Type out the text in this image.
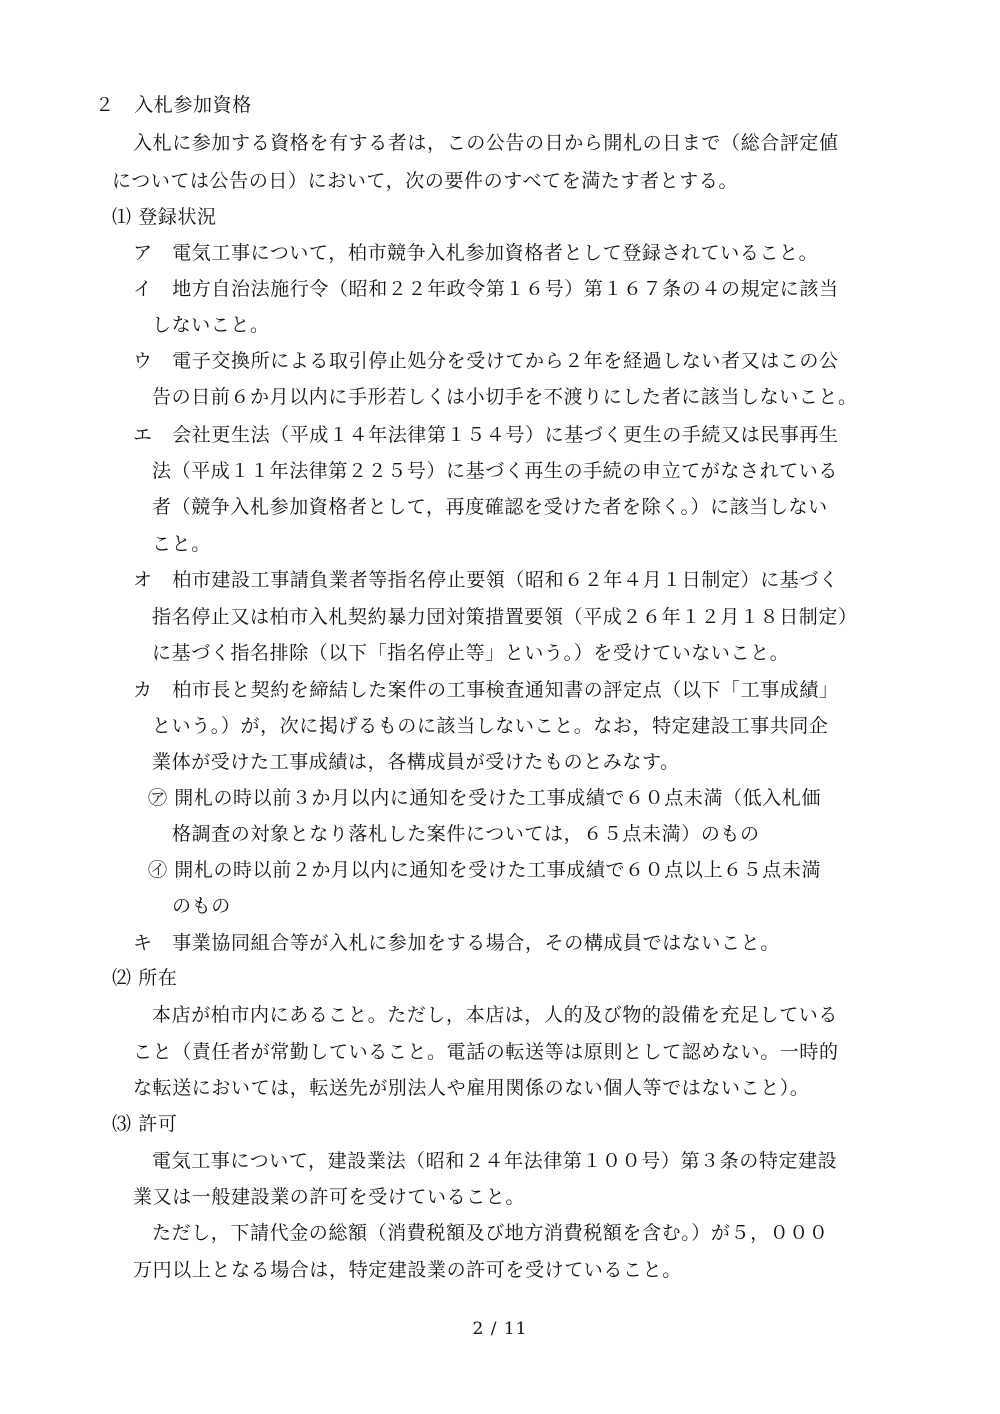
２　入札参加資格
入札に参加する資格を有する者は，この公告の日から開札の日まで（総合評定値
については公告の日）において，次の要件のすべてを満たす者とする。
⑴ 登録状況
ア　電気工事について，柏市競争入札参加資格者として登録されていること。
イ　地方自治法施行令（昭和２２年政令第１６号）第１６７条の４の規定に該当
しないこと。
ウ　電子交換所による取引停止処分を受けてから２年を経過しない者又はこの公
告の日前６か月以内に手形若しくは小切手を不渡りにした者に該当しないこと。
エ　会社更生法（平成１４年法律第１５４号）に基づく更生の手続又は民事再生
法（平成１１年法律第２２５号）に基づく再生の手続の申立てがなされている
者（競争入札参加資格者として，再度確認を受けた者を除く。）に該当しない
こと。
オ　柏市建設工事請負業者等指名停止要領（昭和６２年４月１日制定）に基づく
指名停止又は柏市入札契約暴力団対策措置要領（平成２６年１２月１８日制定）
に基づく指名排除（以下「指名停止等」という。）を受けていないこと。
カ　柏市長と契約を締結した案件の工事検査通知書の評定点（以下「工事成績」
という。）が，次に掲げるものに該当しないこと。なお，特定建設工事共同企
業体が受けた工事成績は，各構成員が受けたものとみなす。
㋐ 開札の時以前３か月以内に通知を受けた工事成績で６０点未満（低入札価
格調査の対象となり落札した案件については，６５点未満）のもの
㋑ 開札の時以前２か月以内に通知を受けた工事成績で６０点以上６５点未満
のもの
キ　事業協同組合等が入札に参加をする場合，その構成員ではないこと。
⑵ 所在
本店が柏市内にあること。ただし，本店は，人的及び物的設備を充足している
こと（責任者が常勤していること。電話の転送等は原則として認めない。一時的
な転送においては，転送先が別法人や雇用関係のない個人等ではないこと）。
⑶ 許可
電気工事について，建設業法（昭和２４年法律第１００号）第３条の特定建設
業又は一般建設業の許可を受けていること。
ただし，下請代金の総額（消費税額及び地方消費税額を含む。）が５，０００
万円以上となる場合は，特定建設業の許可を受けていること。
2 / 11
